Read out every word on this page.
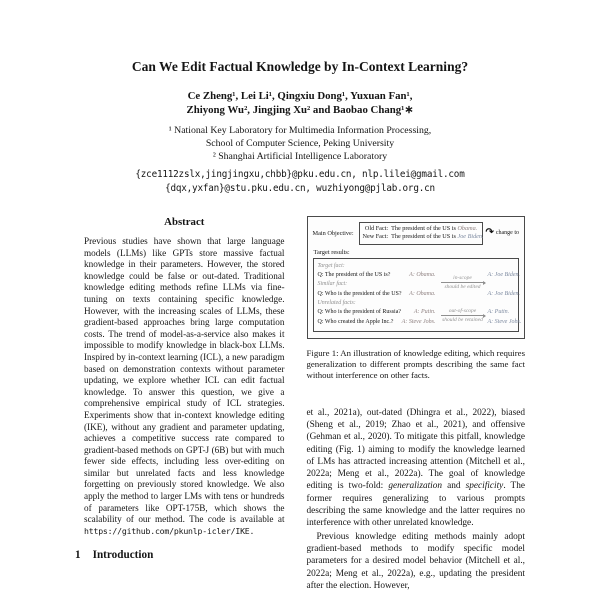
Can We Edit Factual Knowledge by In-Context Learning?
Ce Zheng¹, Lei Li¹, Qingxiu Dong¹, Yuxuan Fan¹,
Zhiyong Wu², Jingjing Xu² and Baobao Chang¹∗
¹ National Key Laboratory for Multimedia Information Processing,
School of Computer Science, Peking University
² Shanghai Artificial Intelligence Laboratory
{zce1112zslx,jingjingxu,chbb}@pku.edu.cn, nlp.lilei@gmail.com
{dqx,yxfan}@stu.pku.edu.cn, wuzhiyong@pjlab.org.cn
Abstract

Previous studies have shown that large language models (LLMs) like GPTs store massive factual knowledge in their parameters. However, the stored knowledge could be false or out-dated. Traditional knowledge editing methods refine LLMs via fine-tuning on texts containing specific knowledge. However, with the increasing scales of LLMs, these gradient-based approaches bring large computation costs. The trend of model-as-a-service also makes it impossible to modify knowledge in black-box LLMs. Inspired by in-context learning (ICL), a new paradigm based on demonstration contexts without parameter updating, we explore whether ICL can edit factual knowledge. To answer this question, we give a comprehensive empirical study of ICL strategies. Experiments show that in-context knowledge editing (IKE), without any gradient and parameter updating, achieves a competitive success rate compared to gradient-based methods on GPT-J (6B) but with much fewer side effects, including less over-editing on similar but unrelated facts and less knowledge forgetting on previously stored knowledge. We also apply the method to larger LMs with tens or hundreds of parameters like OPT-175B, which shows the scalability of our method. The code is available at https://github.com/pkunlp-icler/IKE.

1 Introduction
Main Objective:
Old Fact: The president of the US is Obama.
New Fact: The president of the US is Joe Biden. ↷ change to
Target results:
Target fact:
Q: The president of the US is?	A: Obama.
Similar fact:
Q: Who is the president of the US? A: Obama.
Unrelated facts:
Q: Who is the president of Russia? A: Putin.
Q: Who created the Apple Inc.? A: Steve Jobs.
in-scope
should be edited
out-of-scope
should be retained
A: Joe Biden.
A: Joe Biden.
A: Putin.
A: Steve Jobs.
Figure 1: An illustration of knowledge editing, which requires generalization to different prompts describing the same fact without interference on other facts.

et al., 2021a), out-dated (Dhingra et al., 2022), biased (Sheng et al., 2019; Zhao et al., 2021), and offensive (Gehman et al., 2020). To mitigate this pitfall, knowledge editing (Fig. 1) aiming to modify the knowledge learned of LMs has attracted increasing attention (Mitchell et al., 2022a; Meng et al., 2022a). The goal of knowledge editing is two-fold: generalization and specificity. The former requires generalizing to various prompts describing the same knowledge and the latter requires no interference with other unrelated knowledge.

Previous knowledge editing methods mainly adopt gradient-based methods to modify specific model parameters for a desired model behavior (Mitchell et al., 2022a; Meng et al., 2022a), e.g., updating the president after the election. However,
